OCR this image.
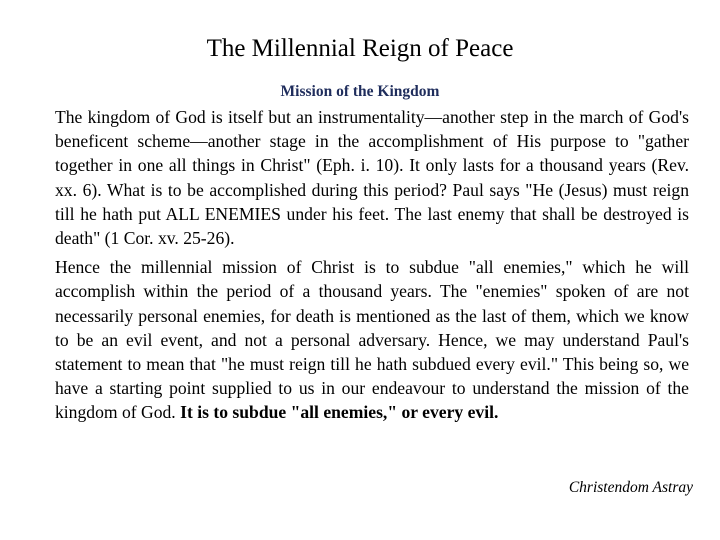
The Millennial Reign of Peace
Mission of the Kingdom

The kingdom of God is itself but an instrumentality—another step in the march of God's beneficent scheme—another stage in the accomplishment of His purpose to "gather together in one all things in Christ" (Eph. i. 10). It only lasts for a thousand years (Rev. xx. 6). What is to be accomplished during this period? Paul says "He (Jesus) must reign till he hath put ALL ENEMIES under his feet. The last enemy that shall be destroyed is death" (1 Cor. xv. 25-26).

Hence the millennial mission of Christ is to subdue "all enemies," which he will accomplish within the period of a thousand years. The "enemies" spoken of are not necessarily personal enemies, for death is mentioned as the last of them, which we know to be an evil event, and not a personal adversary. Hence, we may understand Paul's statement to mean that "he must reign till he hath subdued every evil." This being so, we have a starting point supplied to us in our endeavour to understand the mission of the kingdom of God. It is to subdue "all enemies," or every evil.

Christendom Astray
